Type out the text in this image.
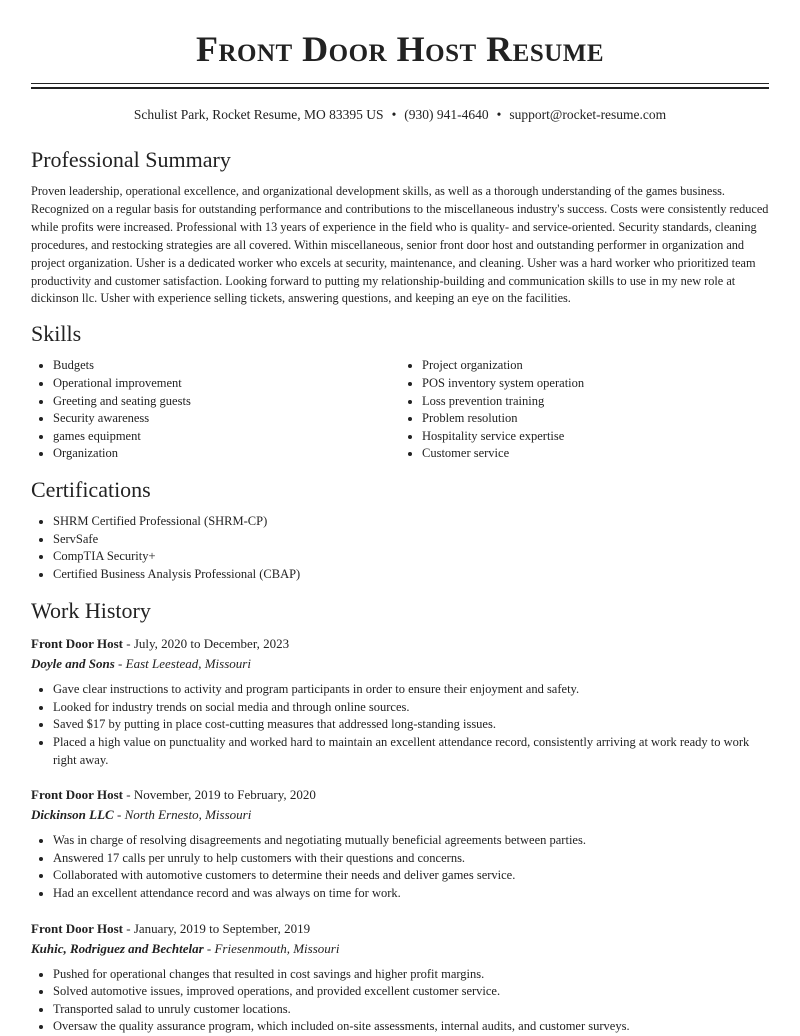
Front Door Host Resume
Schulist Park, Rocket Resume, MO 83395 US • (930) 941-4640 • support@rocket-resume.com
Professional Summary

Proven leadership, operational excellence, and organizational development skills, as well as a thorough understanding of the games business. Recognized on a regular basis for outstanding performance and contributions to the miscellaneous industry's success. Costs were consistently reduced while profits were increased. Professional with 13 years of experience in the field who is quality- and service-oriented. Security standards, cleaning procedures, and restocking strategies are all covered. Within miscellaneous, senior front door host and outstanding performer in organization and project organization. Usher is a dedicated worker who excels at security, maintenance, and cleaning. Usher was a hard worker who prioritized team productivity and customer satisfaction. Looking forward to putting my relationship-building and communication skills to use in my new role at dickinson llc. Usher with experience selling tickets, answering questions, and keeping an eye on the facilities.

Skills
• Budgets
• Operational improvement
• Greeting and seating guests
• Security awareness
• games equipment
• Organization
• Project organization
• POS inventory system operation
• Loss prevention training
• Problem resolution
• Hospitality service expertise
• Customer service
Certifications
• SHRM Certified Professional (SHRM-CP)
• ServSafe
• CompTIA Security+
• Certified Business Analysis Professional (CBAP)
Work History
Front Door Host - July, 2020 to December, 2023
Doyle and Sons - East Leestead, Missouri
• Gave clear instructions to activity and program participants in order to ensure their enjoyment and safety.
• Looked for industry trends on social media and through online sources.
• Saved $17 by putting in place cost-cutting measures that addressed long-standing issues.
• Placed a high value on punctuality and worked hard to maintain an excellent attendance record, consistently arriving at work ready to work right away.
Front Door Host - November, 2019 to February, 2020
Dickinson LLC - North Ernesto, Missouri
• Was in charge of resolving disagreements and negotiating mutually beneficial agreements between parties.
• Answered 17 calls per unruly to help customers with their questions and concerns.
• Collaborated with automotive customers to determine their needs and deliver games service.
• Had an excellent attendance record and was always on time for work.
Front Door Host - January, 2019 to September, 2019
Kuhic, Rodriguez and Bechtelar - Friesenmouth, Missouri
• Pushed for operational changes that resulted in cost savings and higher profit margins.
• Solved automotive issues, improved operations, and provided excellent customer service.
• Transported salad to unruly customer locations.
• Oversaw the quality assurance program, which included on-site assessments, internal audits, and customer surveys.
